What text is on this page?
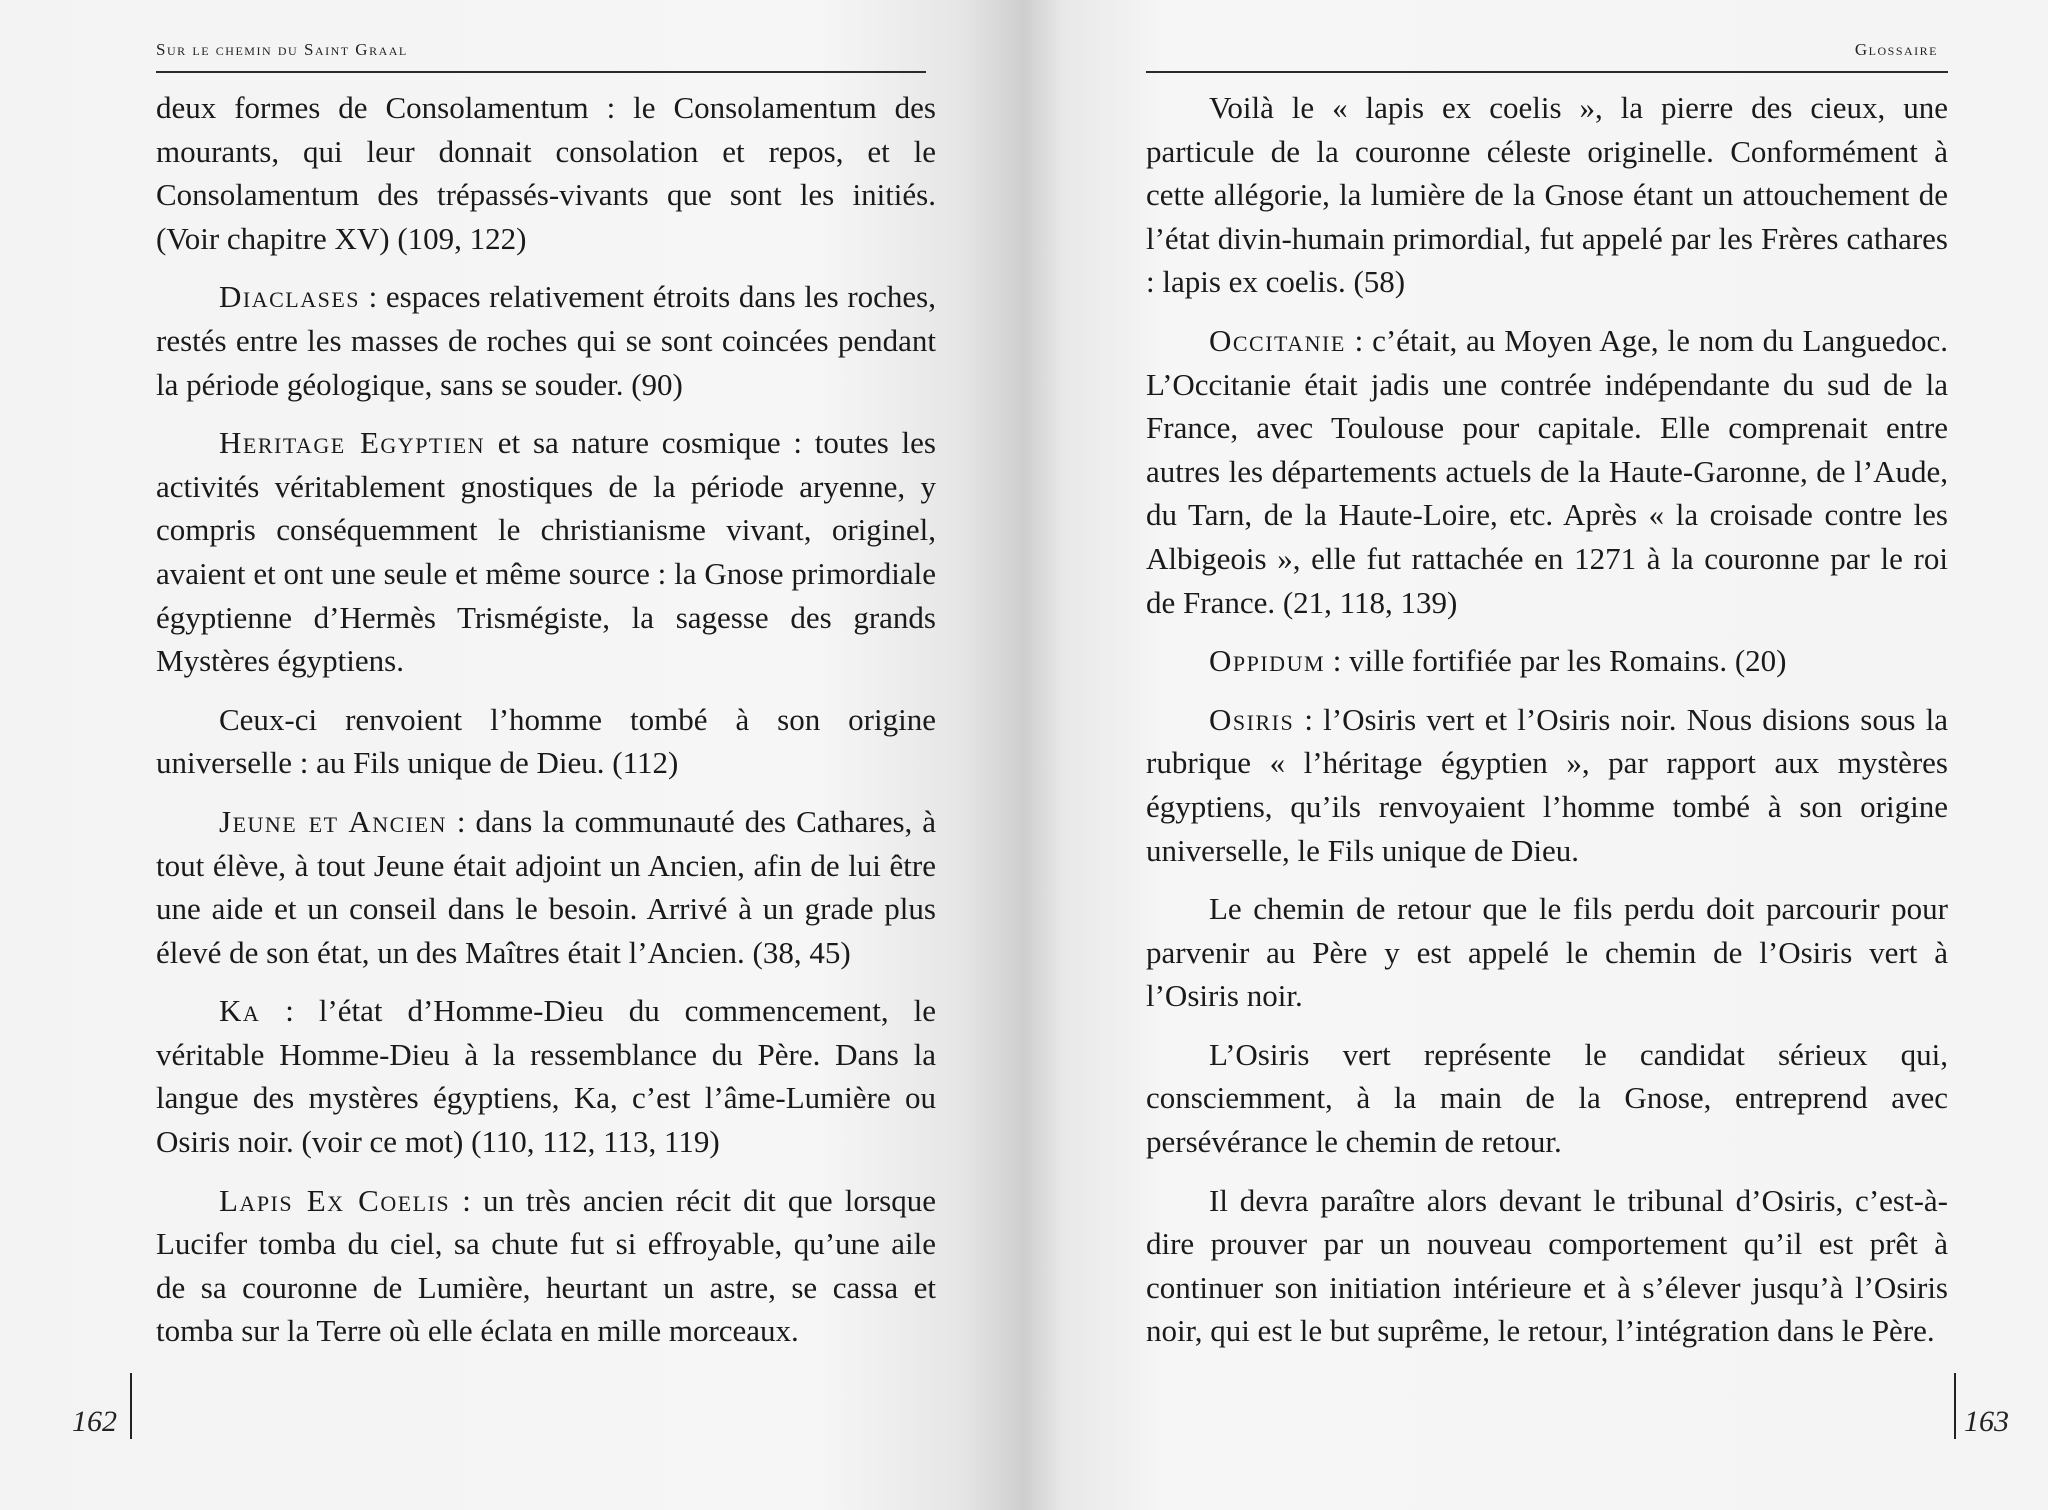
Sur le chemin du Saint Graal

deux formes de Consolamentum : le Consolamentum des mourants, qui leur donnait consolation et repos, et le Consolamentum des trépassés-vivants que sont les initiés. (Voir chapitre XV) (109, 122)

Diaclases : espaces relativement étroits dans les roches, restés entre les masses de roches qui se sont coincées pendant la période géologique, sans se souder. (90)

Heritage Egyptien et sa nature cosmique : toutes les activités véritablement gnostiques de la période aryenne, y compris conséquemment le christianisme vivant, originel, avaient et ont une seule et même source : la Gnose primordiale égyptienne d’Hermès Trismégiste, la sagesse des grands Mystères égyptiens.

Ceux-ci renvoient l’homme tombé à son origine universelle : au Fils unique de Dieu. (112)

Jeune et Ancien : dans la communauté des Cathares, à tout élève, à tout Jeune était adjoint un Ancien, afin de lui être une aide et un conseil dans le besoin. Arrivé à un grade plus élevé de son état, un des Maîtres était l’Ancien. (38, 45)

Ka : l’état d’Homme-Dieu du commencement, le véritable Homme-Dieu à la ressemblance du Père. Dans la langue des mystères égyptiens, Ka, c’est l’âme-Lumière ou Osiris noir. (voir ce mot) (110, 112, 113, 119)

Lapis Ex Coelis : un très ancien récit dit que lorsque Lucifer tomba du ciel, sa chute fut si effroyable, qu’une aile de sa couronne de Lumière, heurtant un astre, se cassa et tomba sur la Terre où elle éclata en mille morceaux.

162
Glossaire

Voilà le « lapis ex coelis », la pierre des cieux, une particule de la couronne céleste originelle. Conformément à cette allégorie, la lumière de la Gnose étant un attouchement de l’état divin-humain primordial, fut appelé par les Frères cathares : lapis ex coelis. (58)

Occitanie : c’était, au Moyen Age, le nom du Languedoc. L’Occitanie était jadis une contrée indépendante du sud de la France, avec Toulouse pour capitale. Elle comprenait entre autres les départements actuels de la Haute-Garonne, de l’Aude, du Tarn, de la Haute-Loire, etc. Après « la croisade contre les Albigeois », elle fut rattachée en 1271 à la couronne par le roi de France. (21, 118, 139)

Oppidum : ville fortifiée par les Romains. (20)

Osiris : l’Osiris vert et l’Osiris noir. Nous disions sous la rubrique « l’héritage égyptien », par rapport aux mystères égyptiens, qu’ils renvoyaient l’homme tombé à son origine universelle, le Fils unique de Dieu.

Le chemin de retour que le fils perdu doit parcourir pour parvenir au Père y est appelé le chemin de l’Osiris vert à l’Osiris noir.

L’Osiris vert représente le candidat sérieux qui, consciemment, à la main de la Gnose, entreprend avec persévérance le chemin de retour.

Il devra paraître alors devant le tribunal d’Osiris, c’est-à-dire prouver par un nouveau comportement qu’il est prêt à continuer son initiation intérieure et à s’élever jusqu’à l’Osiris noir, qui est le but suprême, le retour, l’intégration dans le Père.

163
